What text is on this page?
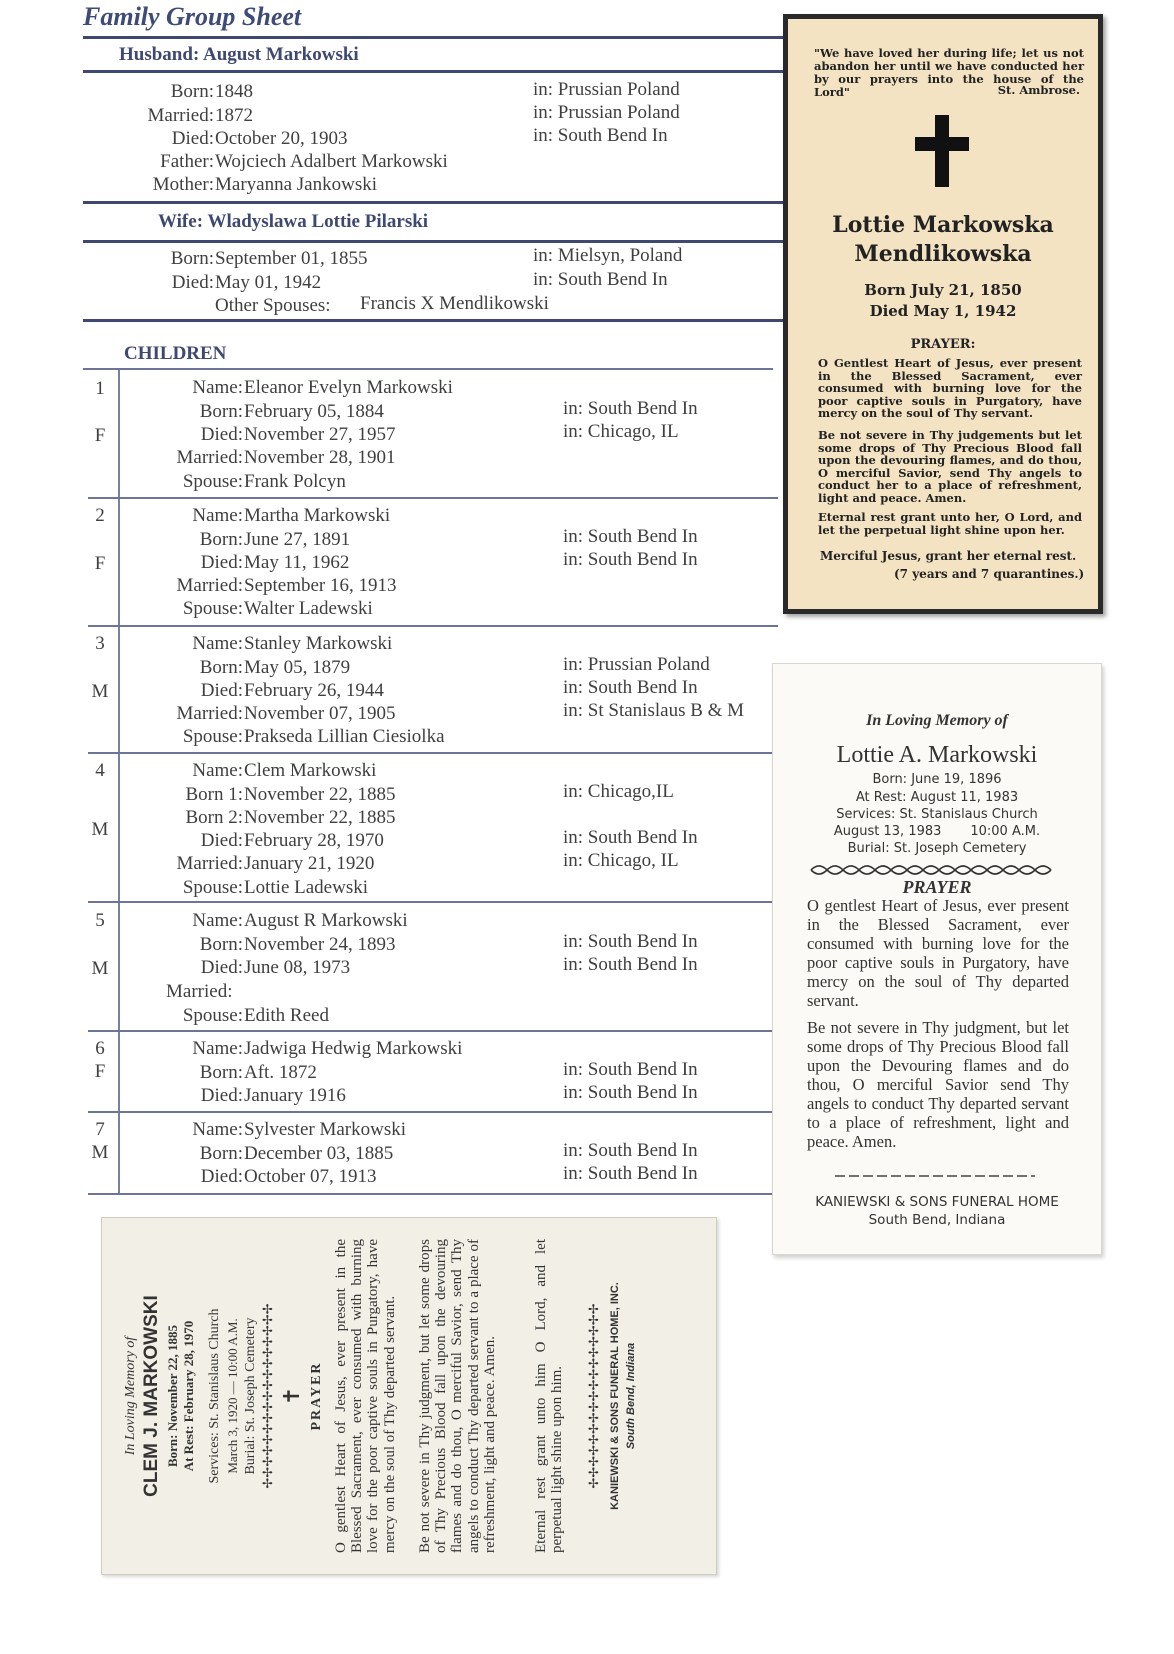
Family Group Sheet
Husband: August Markowski
Born: 1848	in: Prussian Poland
Married: 1872	in: Prussian Poland
Died: October 20, 1903	in: South Bend In
Father: Wojciech Adalbert Markowski
Mother: Maryanna Jankowski
Wife: Wladyslawa Lottie Pilarski
Born: September 01, 1855	in: Mielsyn, Poland
Died: May 01, 1942	in: South Bend In
Other Spouses: Francis X Mendlikowski
CHILDREN
1
F
Name: Eleanor Evelyn Markowski
Born: February 05, 1884	in: South Bend In
Died: November 27, 1957	in: Chicago, IL
Married: November 28, 1901
Spouse: Frank Polcyn
2
F
Name: Martha Markowski
Born: June 27, 1891	in: South Bend In
Died: May 11, 1962	in: South Bend In
Married: September 16, 1913
Spouse: Walter Ladewski
3
M
Name: Stanley Markowski
Born: May 05, 1879	in: Prussian Poland
Died: February 26, 1944	in: South Bend In
Married: November 07, 1905	in: St Stanislaus B & M
Spouse: Prakseda Lillian Ciesiolka
4
M
Name: Clem Markowski
Born 1: November 22, 1885	in: Chicago,IL
Born 2: November 22, 1885
Died: February 28, 1970	in: South Bend In
Married: January 21, 1920	in: Chicago, IL
Spouse: Lottie Ladewski
5
M
Name: August R Markowski
Born: November 24, 1893	in: South Bend In
Died: June 08, 1973	in: South Bend In
Married:
Spouse: Edith Reed
6
F
Name: Jadwiga Hedwig Markowski
Born: Aft. 1872	in: South Bend In
Died: January 1916	in: South Bend In
7
M
Name: Sylvester Markowski
Born: December 03, 1885	in: South Bend In
Died: October 07, 1913	in: South Bend In
"We have loved her during life; let us not abandon her until we have conducted her by our prayers into the house of the Lord"	St. Ambrose.
Lottie Markowska
Mendlikowska
Born July 21, 1850
Died May 1, 1942
PRAYER:
O Gentlest Heart of Jesus, ever present in the Blessed Sacrament, ever consumed with burning love for the poor captive souls in Purgatory, have mercy on the soul of Thy servant.
Be not severe in Thy judgements but let some drops of Thy Precious Blood fall upon the devouring flames, and do thou, O merciful Savior, send Thy angels to conduct her to a place of refreshment, light and peace. Amen.
Eternal rest grant unto her, O Lord, and let the perpetual light shine upon her.
Merciful Jesus, grant her eternal rest.
(7 years and 7 quarantines.)
In Loving Memory of
Lottie A. Markowski
Born: June 19, 1896
At Rest: August 11, 1983
Services: St. Stanislaus Church
August 13, 1983 10:00 A.M.
Burial: St. Joseph Cemetery
PRAYER
O gentlest Heart of Jesus, ever present in the Blessed Sacrament, ever consumed with burning love for the poor captive souls in Purgatory, have mercy on the soul of Thy departed servant.
Be not severe in Thy judgment, but let some drops of Thy Precious Blood fall upon the Devouring flames and do thou, O merciful Savior send Thy angels to conduct Thy departed servant to a place of refreshment, light and peace. Amen.
KANIEWSKI & SONS FUNERAL HOME
South Bend, Indiana
In Loving Memory of CLEM J. MARKOWSKI Born: November 22, 1885 At Rest: February 28, 1970 Services: St. Stanislaus Church March 3, 1920 — 10:00 A.M. Burial: St. Joseph Cemetery ✢✢✢✢✢✢✢✢✢✢✢✢✢✢✢✢✢ ✝ PRAYER O gentlest Heart of Jesus, ever present in the Blessed Sacrament, ever consumed with burning love for the poor captive souls in Purgatory, have mercy on the soul of Thy departed servant. Be not severe in Thy judgment, but let some drops of Thy Precious Blood fall upon the devouring flames and do thou, O merciful Savior, send Thy angels to conduct Thy departed servant to a place of refreshment, light and peace. Amen. Eternal rest grant unto him O Lord, and let perpetual light shine upon him. ✢✢✢✢✢✢✢✢✢✢✢✢✢✢✢✢✢ KANIEWSKI & SONS FUNERAL HOME, INC. South Bend, Indiana
